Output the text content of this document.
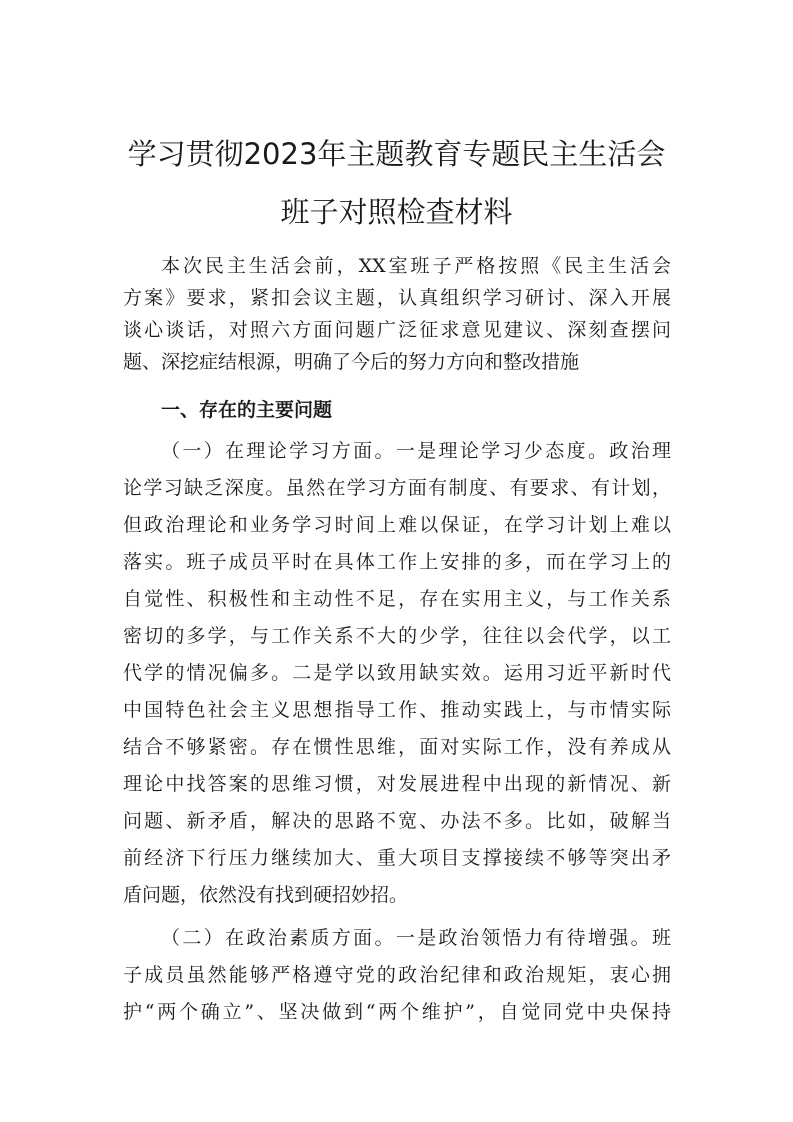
学习贯彻2023年主题教育专题民主生活会
班子对照检查材料
本次民主生活会前，XX室班子严格按照《民主生活会
方案》要求，紧扣会议主题，认真组织学习研讨、深入开展
谈心谈话，对照六方面问题广泛征求意见建议、深刻查摆问
题、深挖症结根源，明确了今后的努力方向和整改措施
一、存在的主要问题
（一）在理论学习方面。一是理论学习少态度。政治理
论学习缺乏深度。虽然在学习方面有制度、有要求、有计划，
但政治理论和业务学习时间上难以保证，在学习计划上难以
落实。班子成员平时在具体工作上安排的多，而在学习上的
自觉性、积极性和主动性不足，存在实用主义，与工作关系
密切的多学，与工作关系不大的少学，往往以会代学，以工
代学的情况偏多。二是学以致用缺实效。运用习近平新时代
中国特色社会主义思想指导工作、推动实践上，与市情实际
结合不够紧密。存在惯性思维，面对实际工作，没有养成从
理论中找答案的思维习惯，对发展进程中出现的新情况、新
问题、新矛盾，解决的思路不宽、办法不多。比如，破解当
前经济下行压力继续加大、重大项目支撑接续不够等突出矛
盾问题，依然没有找到硬招妙招。
（二）在政治素质方面。一是政治领悟力有待增强。班
子成员虽然能够严格遵守党的政治纪律和政治规矩，衷心拥
护“两个确立”、坚决做到“两个维护”，自觉同党中央保持
